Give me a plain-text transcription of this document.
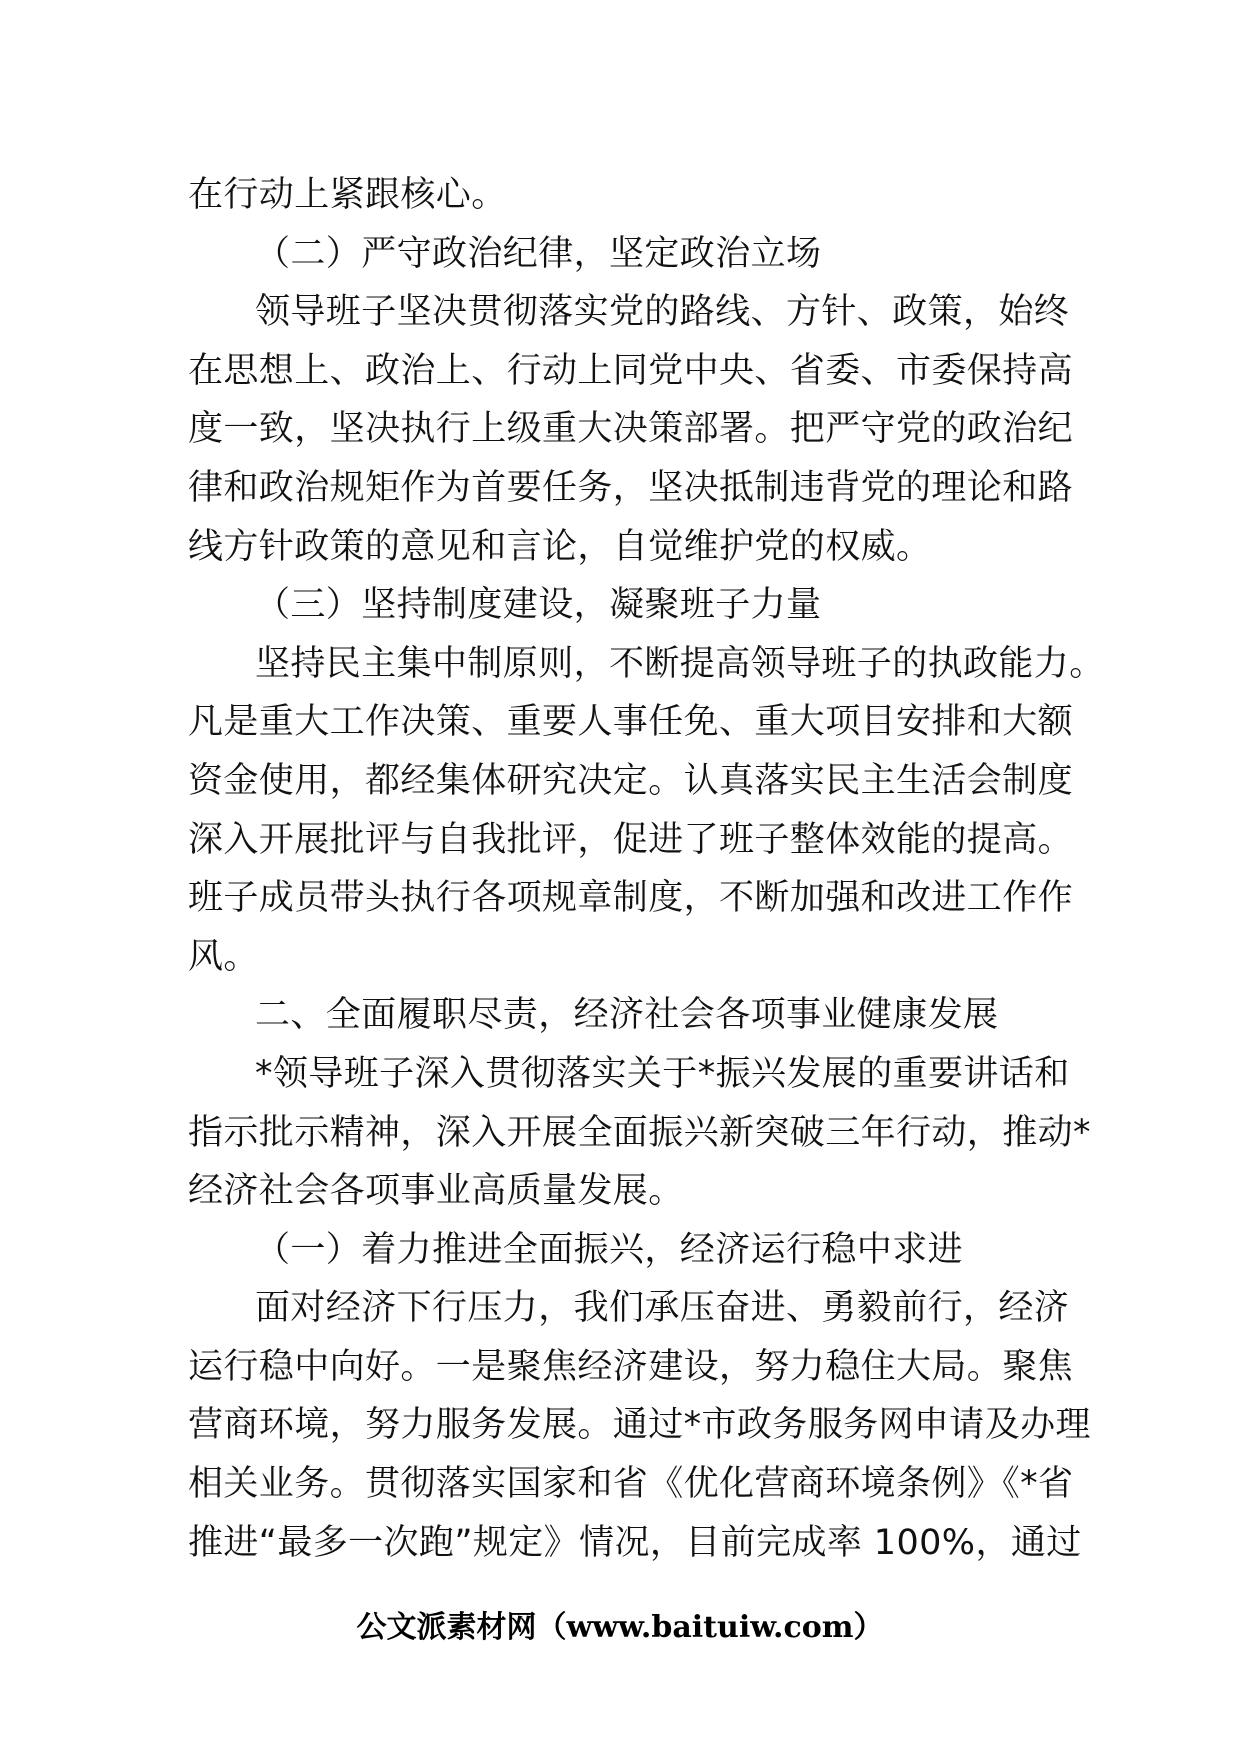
在行动上紧跟核心。
（二）严守政治纪律，坚定政治立场
领导班子坚决贯彻落实党的路线、方针、政策，始终
在思想上、政治上、行动上同党中央、省委、市委保持高
度一致，坚决执行上级重大决策部署。把严守党的政治纪
律和政治规矩作为首要任务，坚决抵制违背党的理论和路
线方针政策的意见和言论，自觉维护党的权威。
（三）坚持制度建设，凝聚班子力量
坚持民主集中制原则，不断提高领导班子的执政能力。
凡是重大工作决策、重要人事任免、重大项目安排和大额
资金使用，都经集体研究决定。认真落实民主生活会制度
深入开展批评与自我批评，促进了班子整体效能的提高。
班子成员带头执行各项规章制度，不断加强和改进工作作
风。
二、全面履职尽责，经济社会各项事业健康发展
*领导班子深入贯彻落实关于*振兴发展的重要讲话和
指示批示精神，深入开展全面振兴新突破三年行动，推动*
经济社会各项事业高质量发展。
（一）着力推进全面振兴，经济运行稳中求进
面对经济下行压力，我们承压奋进、勇毅前行，经济
运行稳中向好。一是聚焦经济建设，努力稳住大局。聚焦
营商环境，努力服务发展。通过*市政务服务网申请及办理
相关业务。贯彻落实国家和省《优化营商环境条例》《*省
推进“最多一次跑”规定》情况，目前完成率 100%，通过
公文派素材网（www.baituiw.com）
